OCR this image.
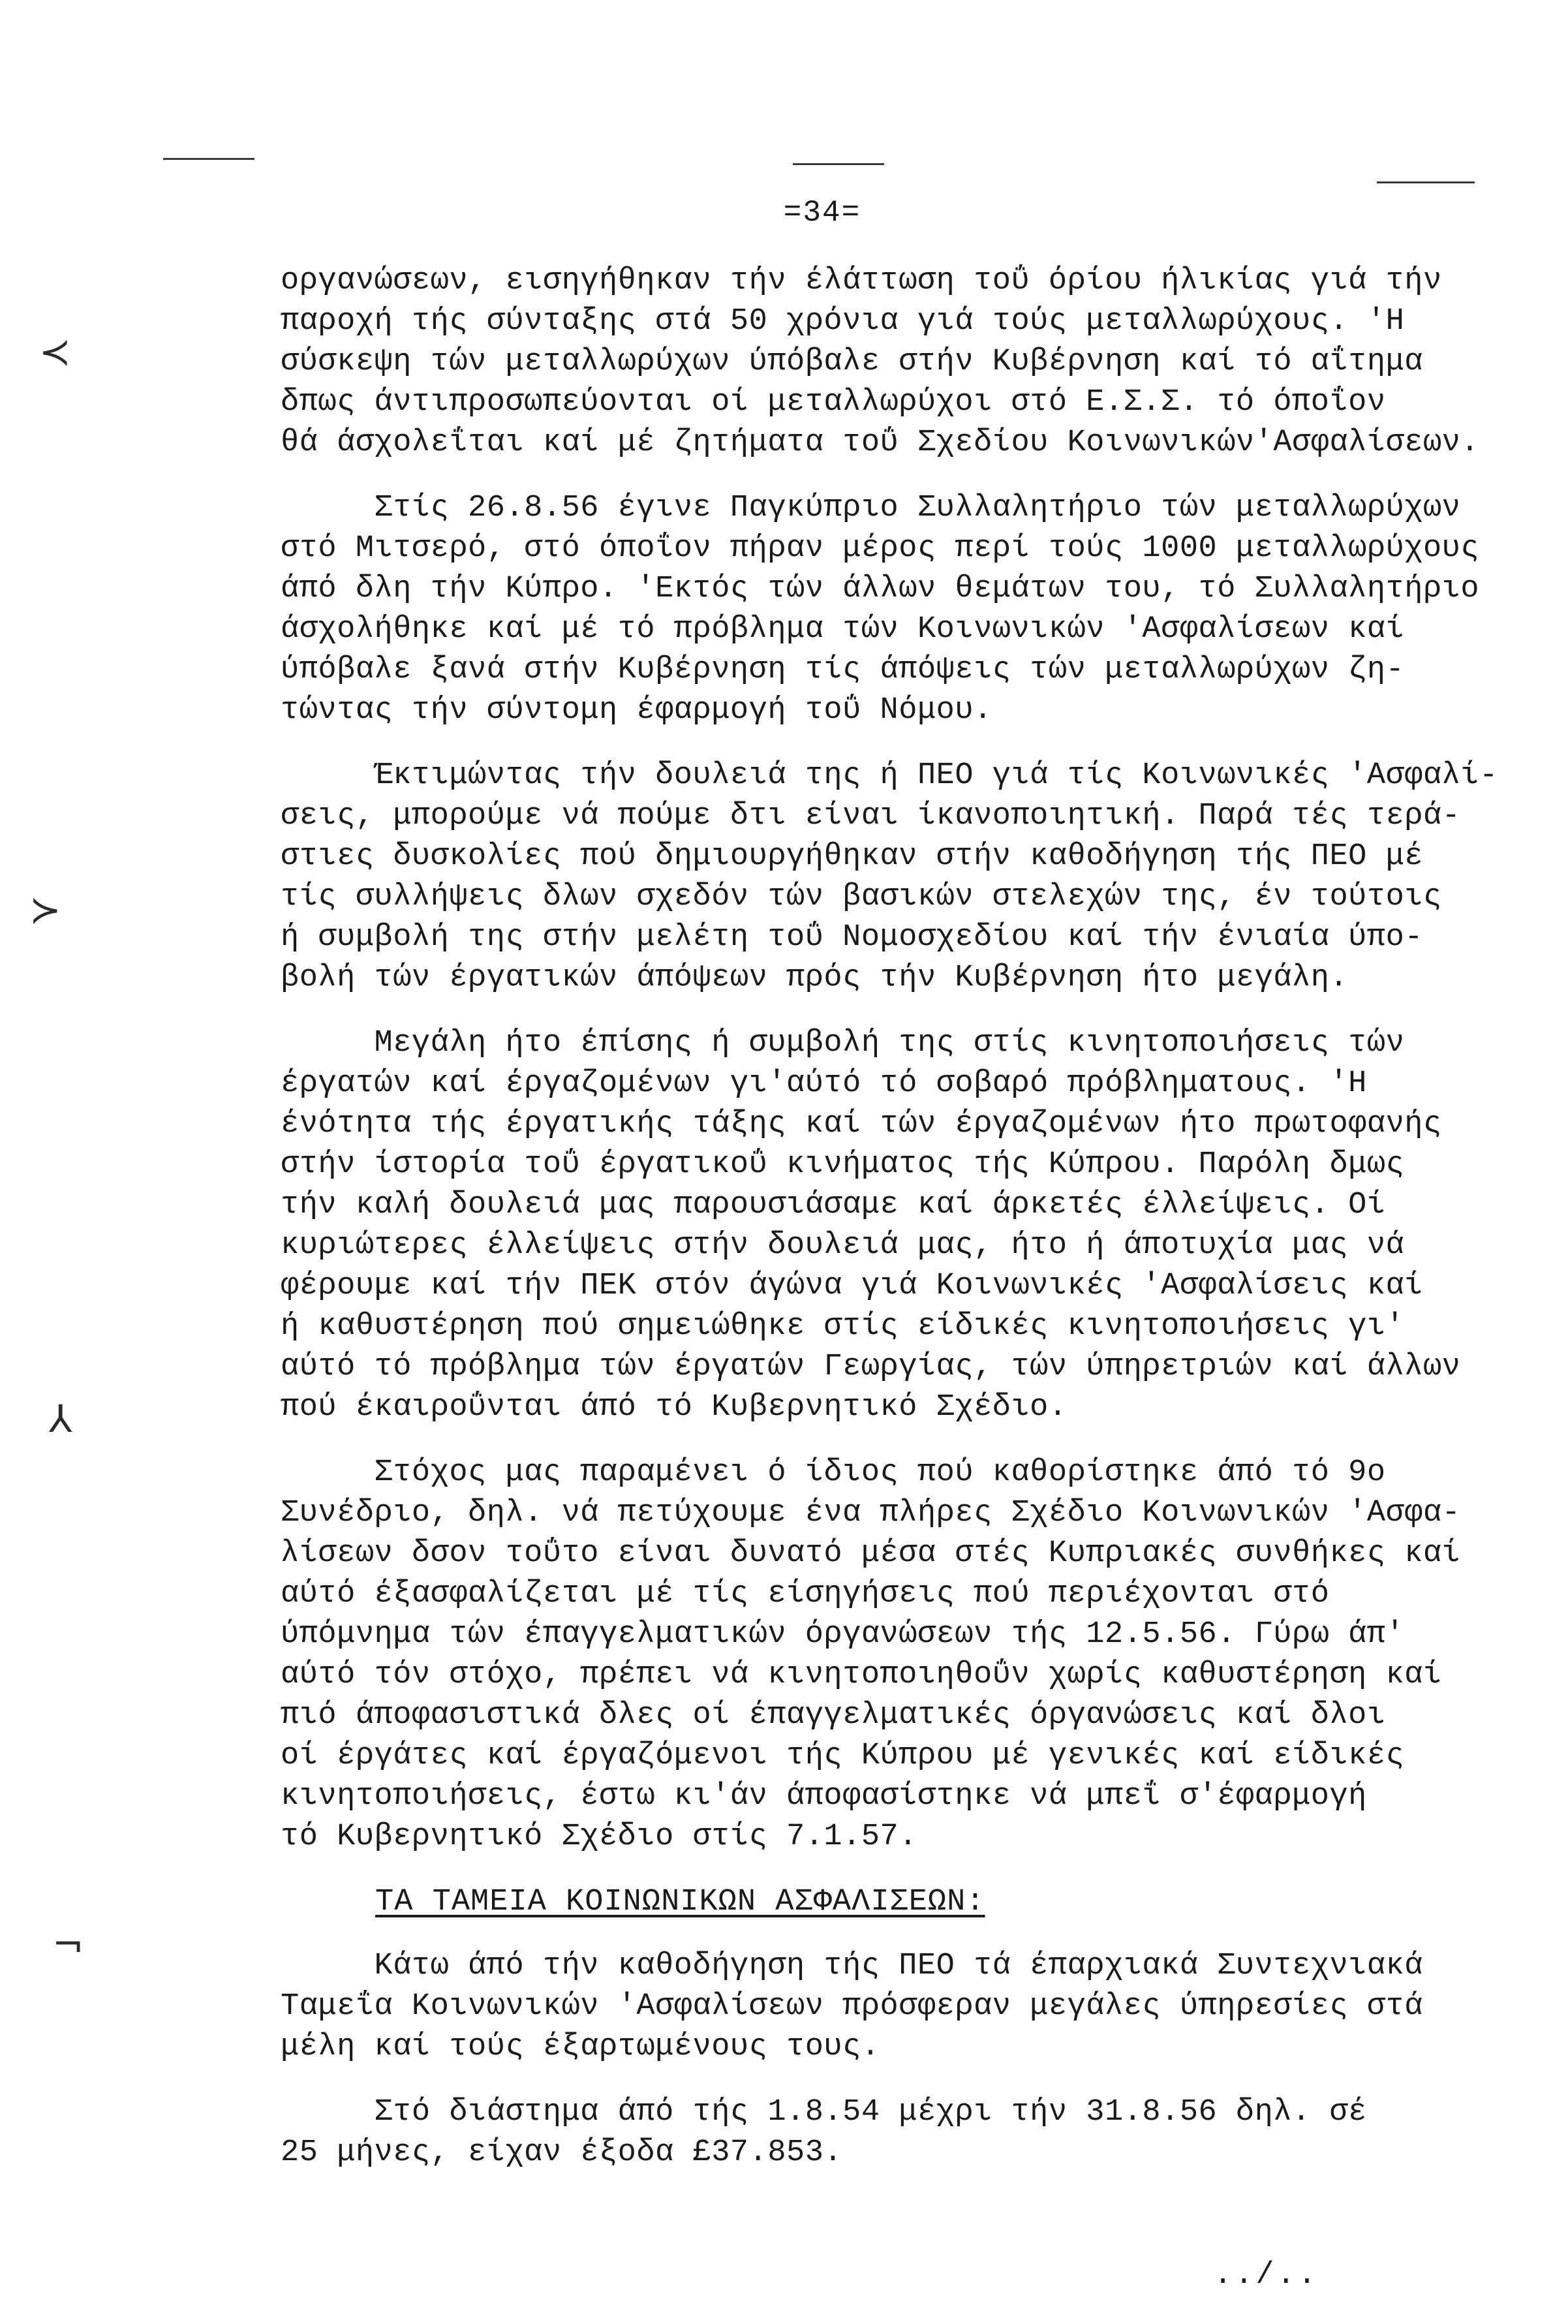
=34=
οργανώσεων, εισηγήθηκαν τήν έλάττωση τοΰ όρίου ήλικίας γιά τήν
παροχή τής σύνταξης στά 50 χρόνια γιά τούς μεταλλωρύχους. 'Η
σύσκεψη τών μεταλλωρύχων ύπόβαλε στήν Κυβέρνηση καί τό αΐτημα
δπως άντιπροσωπεύονται οί μεταλλωρύχοι στό Ε.Σ.Σ. τό όποΐον
θά άσχολεΐται καί μέ ζητήματα τοΰ Σχεδίου Κοινωνικών'Ασφαλίσεων.
Στίς 26.8.56 έγινε Παγκύπριο Συλλαλητήριο τών μεταλλωρύχων
στό Μιτσερό, στό όποΐον πήραν μέρος περί τούς 1000 μεταλλωρύχους
άπό δλη τήν Κύπρο. 'Εκτός τών άλλων θεμάτων του, τό Συλλαλητήριο
άσχολήθηκε καί μέ τό πρόβλημα τών Κοινωνικών 'Ασφαλίσεων καί
ύπόβαλε ξανά στήν Κυβέρνηση τίς άπόψεις τών μεταλλωρύχων ζη-
τώντας τήν σύντομη έφαρμογή τοΰ Νόμου.
Έκτιμώντας τήν δουλειά της ή ΠΕΟ γιά τίς Κοινωνικές 'Ασφαλί-
σεις, μπορούμε νά πούμε δτι είναι ίκανοποιητική. Παρά τές τερά-
στιες δυσκολίες πού δημιουργήθηκαν στήν καθοδήγηση τής ΠΕΟ μέ
τίς συλλήψεις δλων σχεδόν τών βασικών στελεχών της, έν τούτοις
ή συμβολή της στήν μελέτη τοΰ Νομοσχεδίου καί τήν ένιαία ύπο-
βολή τών έργατικών άπόψεων πρός τήν Κυβέρνηση ήτο μεγάλη.
Μεγάλη ήτο έπίσης ή συμβολή της στίς κινητοποιήσεις τών
έργατών καί έργαζομένων γι'αύτό τό σοβαρό πρόβληματους. 'Η
ένότητα τής έργατικής τάξης καί τών έργαζομένων ήτο πρωτοφανής
στήν ίστορία τοΰ έργατικοΰ κινήματος τής Κύπρου. Παρόλη δμως
τήν καλή δουλειά μας παρουσιάσαμε καί άρκετές έλλείψεις. Οί
κυριώτερες έλλείψεις στήν δουλειά μας, ήτο ή άποτυχία μας νά
φέρουμε καί τήν ΠΕΚ στόν άγώνα γιά Κοινωνικές 'Ασφαλίσεις καί
ή καθυστέρηση πού σημειώθηκε στίς είδικές κινητοποιήσεις γι'
αύτό τό πρόβλημα τών έργατών Γεωργίας, τών ύπηρετριών καί άλλων
πού έκαιροΰνται άπό τό Κυβερνητικό Σχέδιο.
Στόχος μας παραμένει ό ίδιος πού καθορίστηκε άπό τό 9ο
Συνέδριο, δηλ. νά πετύχουμε ένα πλήρες Σχέδιο Κοινωνικών 'Ασφα-
λίσεων δσον τοΰτο είναι δυνατό μέσα στές Κυπριακές συνθήκες καί
αύτό έξασφαλίζεται μέ τίς είσηγήσεις πού περιέχονται στό
ύπόμνημα τών έπαγγελματικών όργανώσεων τής 12.5.56. Γύρω άπ'
αύτό τόν στόχο, πρέπει νά κινητοποιηθοΰν χωρίς καθυστέρηση καί
πιό άποφασιστικά δλες οί έπαγγελματικές όργανώσεις καί δλοι
οί έργάτες καί έργαζόμενοι τής Κύπρου μέ γενικές καί είδικές
κινητοποιήσεις, έστω κι'άν άποφασίστηκε νά μπεΐ σ'έφαρμογή
τό Κυβερνητικό Σχέδιο στίς 7.1.57.
ΤΑ ΤΑΜΕΙΑ ΚΟΙΝΩΝΙΚΩΝ ΑΣΦΑΛΙΣΕΩΝ:
Κάτω άπό τήν καθοδήγηση τής ΠΕΟ τά έπαρχιακά Συντεχνιακά
Ταμεΐα Κοινωνικών 'Ασφαλίσεων πρόσφεραν μεγάλες ύπηρεσίες στά
μέλη καί τούς έξαρτωμένους τους.
Στό διάστημα άπό τής 1.8.54 μέχρι τήν 31.8.56 δηλ. σέ
25 μήνες, είχαν έξοδα £37.853.
../..
≺
≻
⅄
¬
